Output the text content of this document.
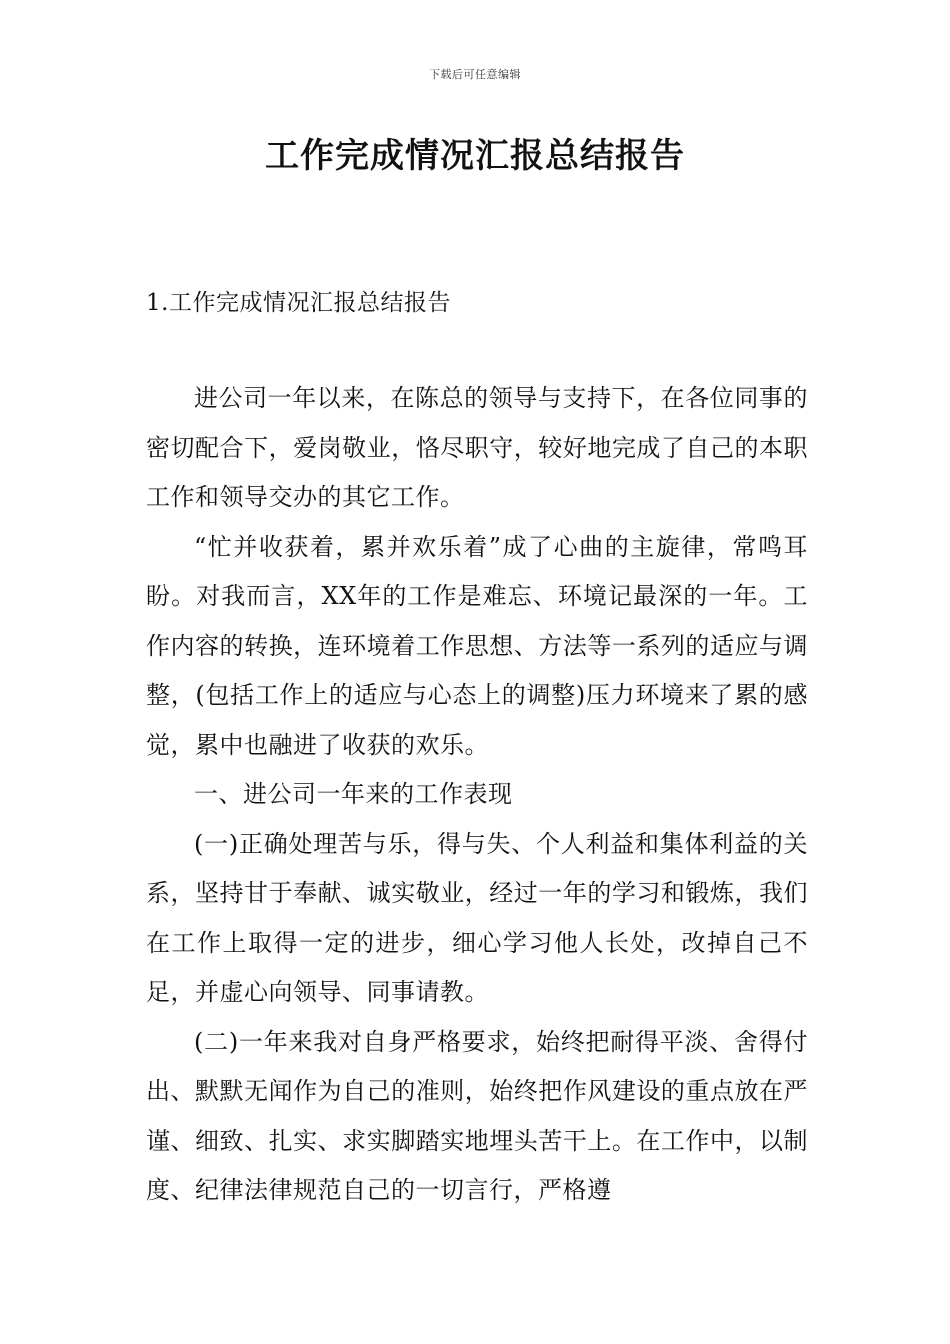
下载后可任意编辑
工作完成情况汇报总结报告
1.工作完成情况汇报总结报告

进公司一年以来，在陈总的领导与支持下，在各位同事的密切配合下，爱岗敬业，恪尽职守，较好地完成了自己的本职工作和领导交办的其它工作。

“忙并收获着，累并欢乐着”成了心曲的主旋律，常鸣耳盼。对我而言，XX年的工作是难忘、环境记最深的一年。工作内容的转换，连环境着工作思想、方法等一系列的适应与调整，(包括工作上的适应与心态上的调整)压力环境来了累的感觉，累中也融进了收获的欢乐。

一、进公司一年来的工作表现

(一)正确处理苦与乐，得与失、个人利益和集体利益的关系，坚持甘于奉献、诚实敬业，经过一年的学习和锻炼，我们在工作上取得一定的进步，细心学习他人长处，改掉自己不足，并虚心向领导、同事请教。

(二)一年来我对自身严格要求，始终把耐得平淡、舍得付出、默默无闻作为自己的准则，始终把作风建设的重点放在严谨、细致、扎实、求实脚踏实地埋头苦干上。在工作中，以制度、纪律法律规范自己的一切言行，严格遵
